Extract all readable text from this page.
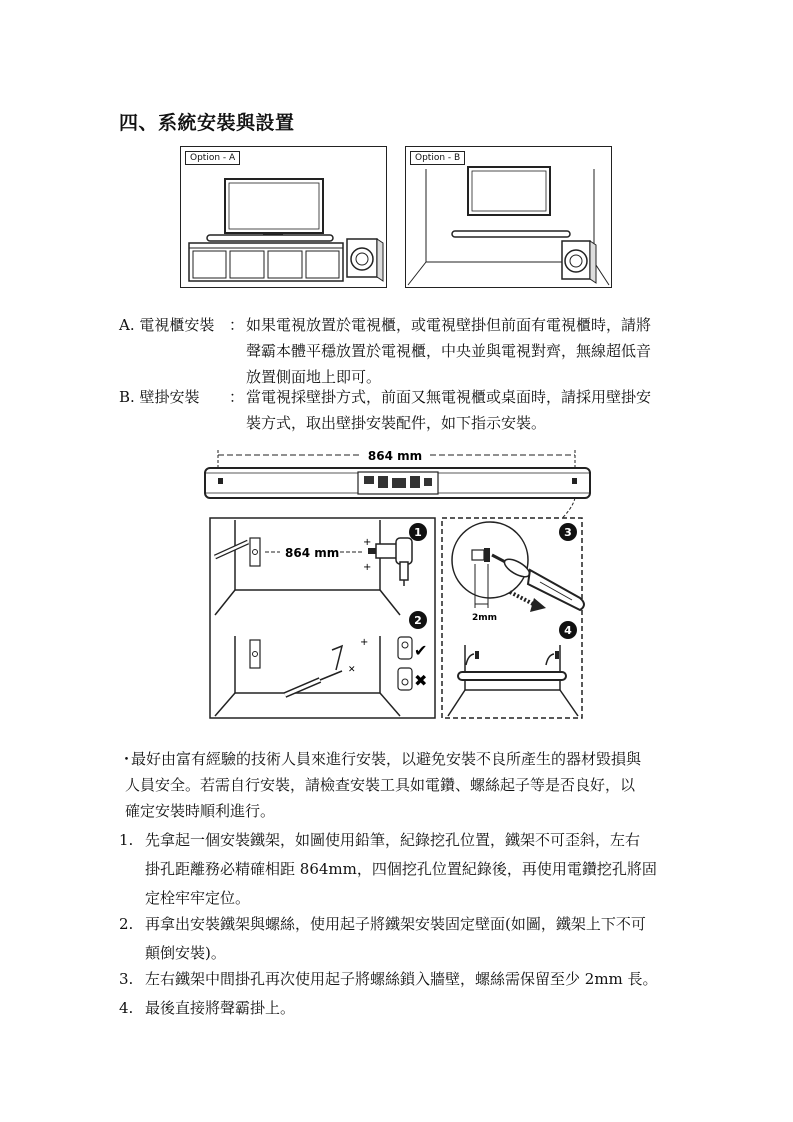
四、系統安裝與設置
Option - A	Option - B
A. 電視櫃安裝 ： 如果電視放置於電視櫃，或電視壁掛但前面有電視櫃時，請將
聲霸本體平穩放置於電視櫃，中央並與電視對齊，無線超低音
放置側面地上即可。
B. 壁掛安裝 ： 當電視採壁掛方式，前面又無電視櫃或桌面時，請採用壁掛安
裝方式，取出壁掛安裝配件，如下指示安裝。
864 mm
864 mm
+
+
1
+
✕
2
✔
✖
2mm
3
4
・
最好由富有經驗的技術人員來進行安裝，以避免安裝不良所產生的器材毀損與
人員安全。若需自行安裝，請檢查安裝工具如電鑽、螺絲起子等是否良好，以
確定安裝時順利進行。
1. 先拿起一個安裝鐵架，如圖使用鉛筆，紀錄挖孔位置，鐵架不可歪斜，左右
掛孔距離務必精確相距 864mm，四個挖孔位置紀錄後，再使用電鑽挖孔將固
定栓牢牢定位。
2. 再拿出安裝鐵架與螺絲，使用起子將鐵架安裝固定壁面(如圖，鐵架上下不可
顛倒安裝)。
3. 左右鐵架中間掛孔再次使用起子將螺絲鎖入牆壁，螺絲需保留至少 2mm 長。
4. 最後直接將聲霸掛上。
